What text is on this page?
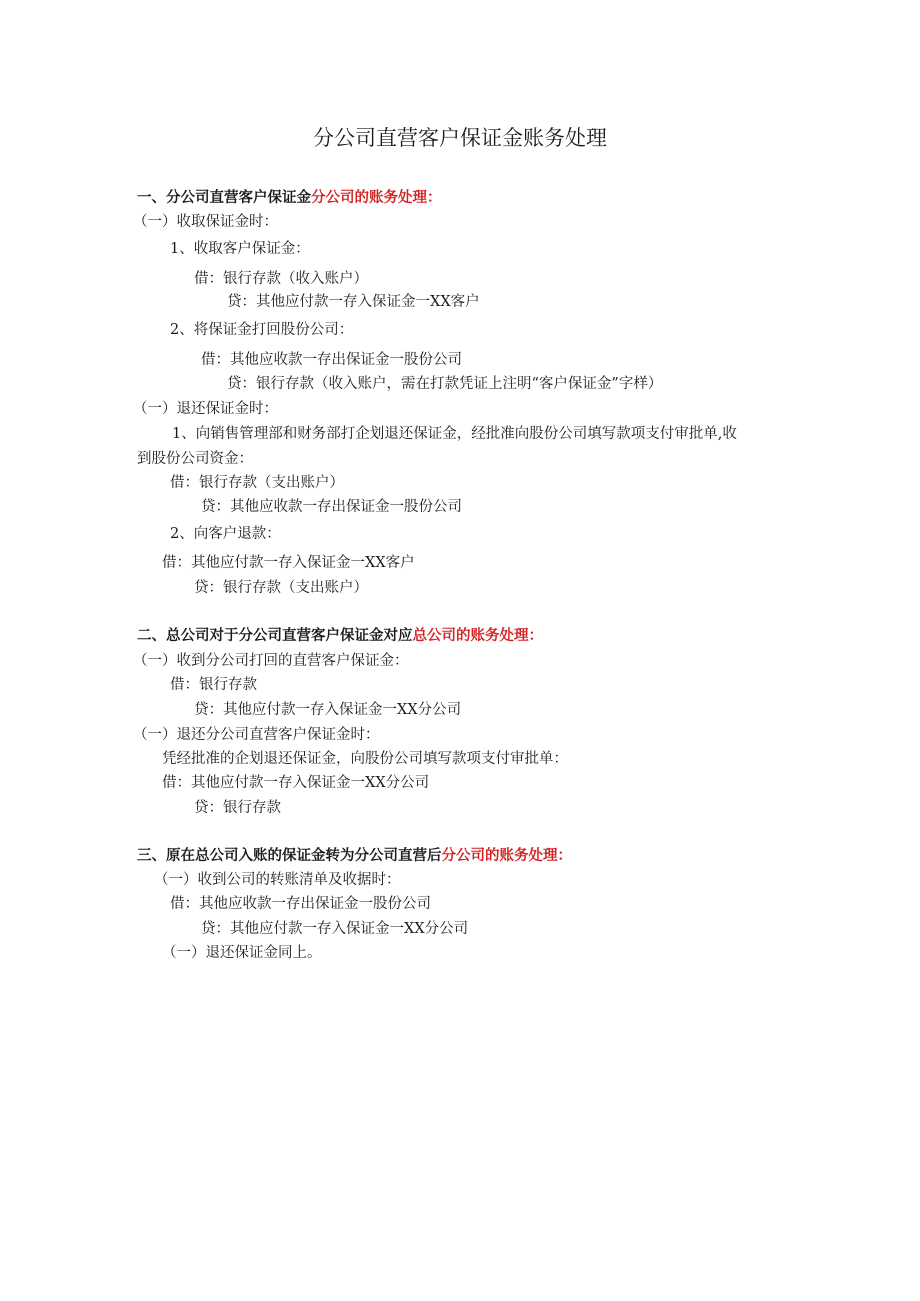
分公司直营客户保证金账务处理
一、分公司直营客户保证金分公司的账务处理：
（一）收取保证金时：
1、收取客户保证金：
借：银行存款（收入账户）
贷：其他应付款一存入保证金一XX客户
2、将保证金打回股份公司：
借：其他应收款一存出保证金一股份公司
贷：银行存款（收入账户，需在打款凭证上注明“客户保证金”字样）
（一）退还保证金时：
1、向销售管理部和财务部打企划退还保证金，经批准向股份公司填写款项支付审批单,收
到股份公司资金：
借：银行存款（支出账户）
贷：其他应收款一存出保证金一股份公司
2、向客户退款：
借：其他应付款一存入保证金一XX客户
贷：银行存款（支出账户）
二、总公司对于分公司直营客户保证金对应总公司的账务处理：
（一）收到分公司打回的直营客户保证金：
借：银行存款
贷：其他应付款一存入保证金一XX分公司
（一）退还分公司直营客户保证金时：
凭经批准的企划退还保证金，向股份公司填写款项支付审批单：
借：其他应付款一存入保证金一XX分公司
贷：银行存款
三、原在总公司入账的保证金转为分公司直营后分公司的账务处理：
（一）收到公司的转账清单及收据时：
借：其他应收款一存出保证金一股份公司
贷：其他应付款一存入保证金一XX分公司
（一）退还保证金同上。
